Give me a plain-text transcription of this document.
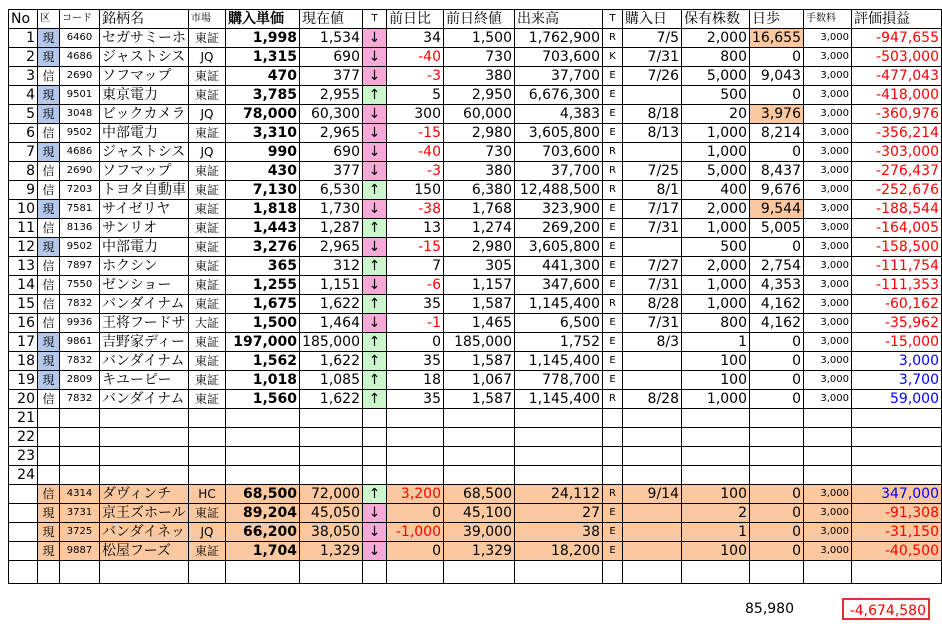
No	区	コード	銘柄名	市場	購入単価	現在値	T	前日比	前日終値	出来高	T	購入日	保有株数	日歩	手数料	評価損益
1	現	6460	セガサミーホ	東証	1,998	1,534	↓	34	1,500	1,762,900	R	7/5	2,000	16,655	3,000	-947,655
2	現	4686	ジャストシス	JQ	1,315	690	↓	-40	730	703,600	K	7/31	800	0	3,000	-503,000
3	信	2690	ソフマップ	東証	470	377	↓	-3	380	37,700	E	7/26	5,000	9,043	3,000	-477,043
4	現	9501	東京電力	東証	3,785	2,955	↑	5	2,950	6,676,300	E		500	0	3,000	-418,000
5	現	3048	ビックカメラ	JQ	78,000	60,300	↓	300	60,000	4,383	E	8/18	20	3,976	3,000	-360,976
6	信	9502	中部電力	東証	3,310	2,965	↓	-15	2,980	3,605,800	E	8/13	1,000	8,214	3,000	-356,214
7	現	4686	ジャストシス	JQ	990	690	↓	-40	730	703,600	R		1,000	0	3,000	-303,000
8	信	2690	ソフマップ	東証	430	377	↓	-3	380	37,700	R	7/25	5,000	8,437	3,000	-276,437
9	信	7203	トヨタ自動車	東証	7,130	6,530	↑	150	6,380	12,488,500	R	8/1	400	9,676	3,000	-252,676
10	現	7581	サイゼリヤ	東証	1,818	1,730	↓	-38	1,768	323,900	E	7/17	2,000	9,544	3,000	-188,544
11	信	8136	サンリオ	東証	1,443	1,287	↑	13	1,274	269,200	E	7/31	1,000	5,005	3,000	-164,005
12	現	9502	中部電力	東証	3,276	2,965	↓	-15	2,980	3,605,800	E		500	0	3,000	-158,500
13	信	7897	ホクシン	東証	365	312	↑	7	305	441,300	E	7/27	2,000	2,754	3,000	-111,754
14	信	7550	ゼンショー	東証	1,255	1,151	↓	-6	1,157	347,600	E	7/31	1,000	4,353	3,000	-111,353
15	信	7832	バンダイナム	東証	1,675	1,622	↑	35	1,587	1,145,400	R	8/28	1,000	4,162	3,000	-60,162
16	信	9936	王将フードサ	大証	1,500	1,464	↓	-1	1,465	6,500	E	7/31	800	4,162	3,000	-35,962
17	現	9861	吉野家ディー	東証	197,000	185,000	↑	0	185,000	1,752	E	8/3	1	0	3,000	-15,000
18	現	7832	バンダイナム	東証	1,562	1,622	↑	35	1,587	1,145,400	E		100	0	3,000	3,000
19	現	2809	キユーピー	東証	1,018	1,085	↑	18	1,067	778,700	E		100	0	3,000	3,700
20	信	7832	バンダイナム	東証	1,560	1,622	↑	35	1,587	1,145,400	R	8/28	1,000	0	3,000	59,000
21																
22																
23																
24																
	信	4314	ダヴィンチ	HC	68,500	72,000	↑	3,200	68,500	24,112	R	9/14	100	0	3,000	347,000
	現	3731	京王ズホール	東証	89,204	45,050	↓	0	45,100	27	E		2	0	3,000	-91,308
	現	3725	バンダイネッ	JQ	66,200	38,050	↓	-1,000	39,000	38	E		1	0	3,000	-31,150
	現	9887	松屋フーズ	東証	1,704	1,329	↓	0	1,329	18,200	E		100	0	3,000	-40,500

85,980	-4,674,580
